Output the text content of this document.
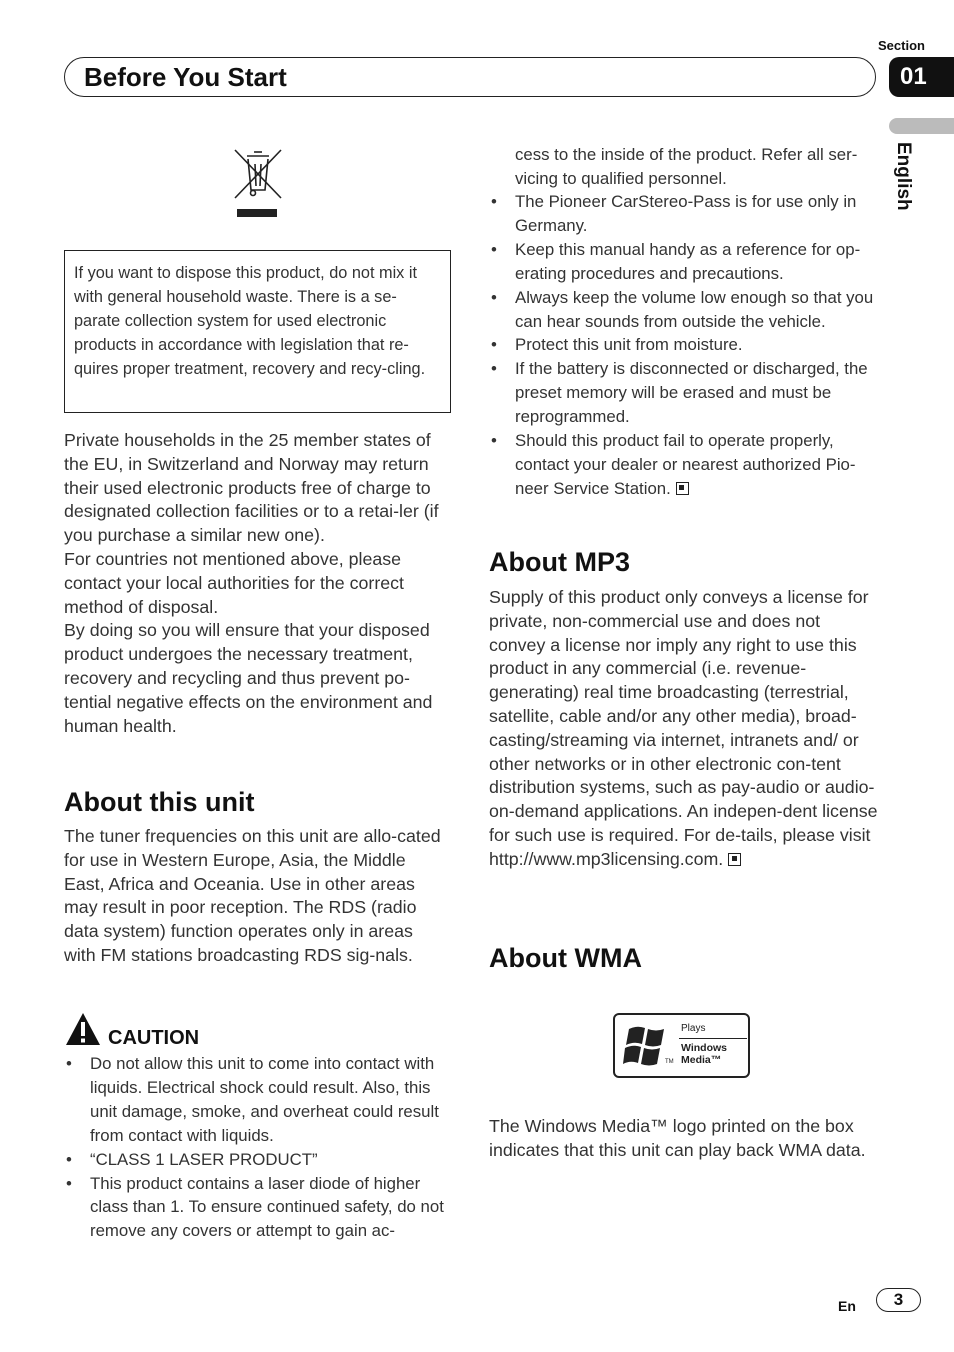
Section
01
Before You Start
English
If you want to dispose this product, do not mix it with general household waste. There is a se-parate collection system for used electronic products in accordance with legislation that re-quires proper treatment, recovery and recy-cling.
Private households in the 25 member states of the EU, in Switzerland and Norway may return their used electronic products free of charge to designated collection facilities or to a retai-ler (if you purchase a similar new one).
For countries not mentioned above, please contact your local authorities for the correct method of disposal.
By doing so you will ensure that your disposed product undergoes the necessary treatment, recovery and recycling and thus prevent po-tential negative effects on the environment and human health.
About this unit
The tuner frequencies on this unit are allo-cated for use in Western Europe, Asia, the Middle East, Africa and Oceania. Use in other areas may result in poor reception. The RDS (radio data system) function operates only in areas with FM stations broadcasting RDS sig-nals.
CAUTION
• Do not allow this unit to come into contact with liquids. Electrical shock could result. Also, this unit damage, smoke, and overheat could result from contact with liquids.
• “CLASS 1 LASER PRODUCT”
• This product contains a laser diode of higher class than 1. To ensure continued safety, do not remove any covers or attempt to gain ac-
cess to the inside of the product. Refer all ser-vicing to qualified personnel.
• The Pioneer CarStereo-Pass is for use only in Germany.
• Keep this manual handy as a reference for op-erating procedures and precautions.
• Always keep the volume low enough so that you can hear sounds from outside the vehicle.
• Protect this unit from moisture.
• If the battery is disconnected or discharged, the preset memory will be erased and must be reprogrammed.
• Should this product fail to operate properly, contact your dealer or nearest authorized Pio-neer Service Station.
About MP3
Supply of this product only conveys a license for private, non-commercial use and does not convey a license nor imply any right to use this product in any commercial (i.e. revenue-generating) real time broadcasting (terrestrial, satellite, cable and/or any other media), broad-casting/streaming via internet, intranets and/ or other networks or in other electronic con-tent distribution systems, such as pay-audio or audio-on-demand applications. An indepen-dent license for such use is required. For de-tails, please visit
http://www.mp3licensing.com.
About WMA
TM
Plays
Windows
Media™
The Windows Media™ logo printed on the box indicates that this unit can play back WMA data.
En	3
